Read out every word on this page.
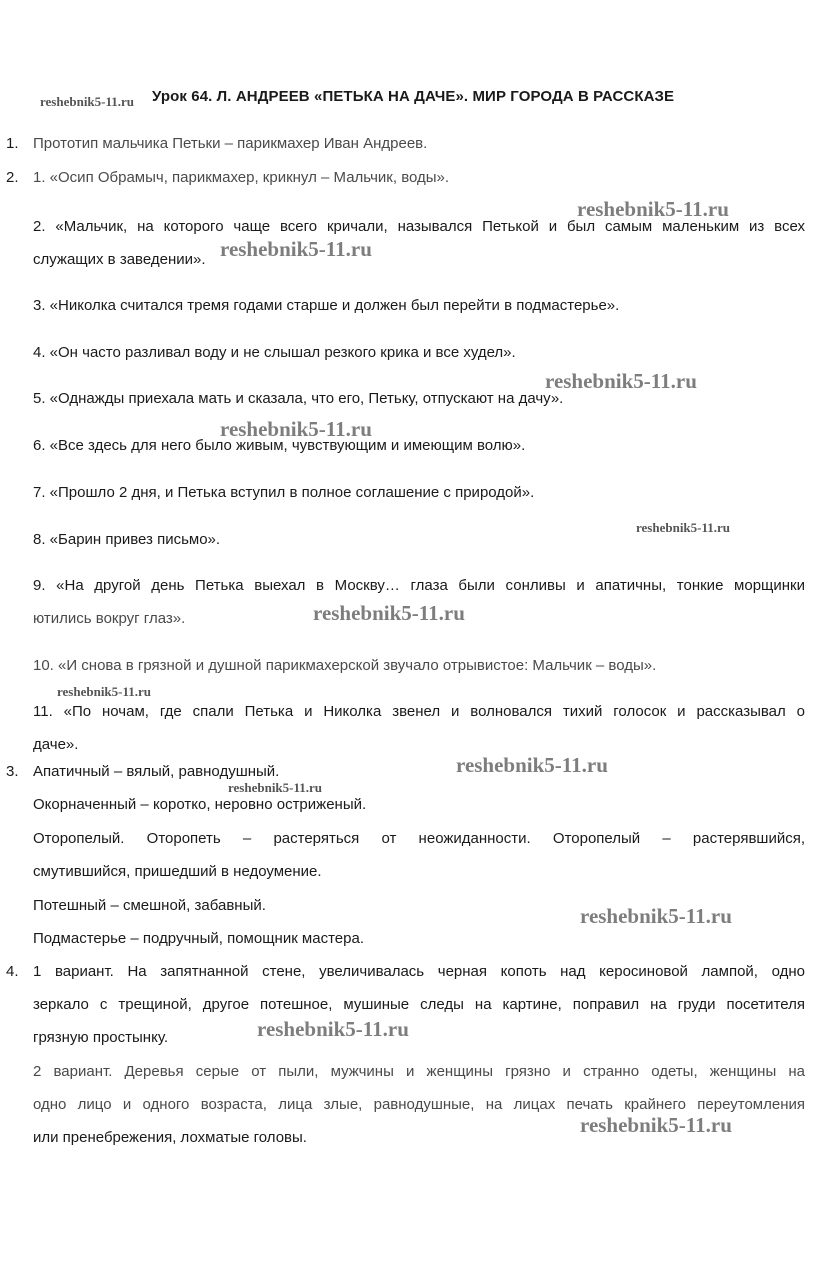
Урок 64. Л. АНДРЕЕВ «ПЕТЬКА НА ДАЧЕ». МИР ГОРОДА В РАССКАЗЕ
1. Прототип мальчика Петьки – парикмахер Иван Андреев.
2. 1. «Осип Обрамыч, парикмахер, крикнул – Мальчик, воды».
2. «Мальчик, на которого чаще всего кричали, назывался Петькой и был самым маленьким из всех
служащих в заведении».
3. «Николка считался тремя годами старше и должен был перейти в подмастерье».
4. «Он часто разливал воду и не слышал резкого крика и все худел».
5. «Однажды приехала мать и сказала, что его, Петьку, отпускают на дачу».
6. «Все здесь для него было живым, чувствующим и имеющим волю».
7. «Прошло 2 дня, и Петька вступил в полное соглашение с природой».
8. «Барин привез письмо».
9. «На другой день Петька выехал в Москву… глаза были сонливы и апатичны, тонкие морщинки
ютились вокруг глаз».
10. «И снова в грязной и душной парикмахерской звучало отрывистое: Мальчик – воды».
11. «По ночам, где спали Петька и Николка звенел и волновался тихий голосок и рассказывал о
даче».
3. Апатичный – вялый, равнодушный.
Окорначенный – коротко, неровно остриженый.
Оторопелый. Оторопеть – растеряться от неожиданности. Оторопелый – растерявшийся,
смутившийся, пришедший в недоумение.
Потешный – смешной, забавный.
Подмастерье – подручный, помощник мастера.
4. 1 вариант. На запятнанной стене, увеличивалась черная копоть над керосиновой лампой, одно
зеркало с трещиной, другое потешное, мушиные следы на картине, поправил на груди посетителя
грязную простынку.
2 вариант. Деревья серые от пыли, мужчины и женщины грязно и странно одеты, женщины на
одно лицо и одного возраста, лица злые, равнодушные, на лицах печать крайнего переутомления
или пренебрежения, лохматые головы.
reshebnik5-11.ru
reshebnik5-11.ru
reshebnik5-11.ru
reshebnik5-11.ru
reshebnik5-11.ru
reshebnik5-11.ru
reshebnik5-11.ru
reshebnik5-11.ru
reshebnik5-11.ru
reshebnik5-11.ru
reshebnik5-11.ru
reshebnik5-11.ru
reshebnik5-11.ru
